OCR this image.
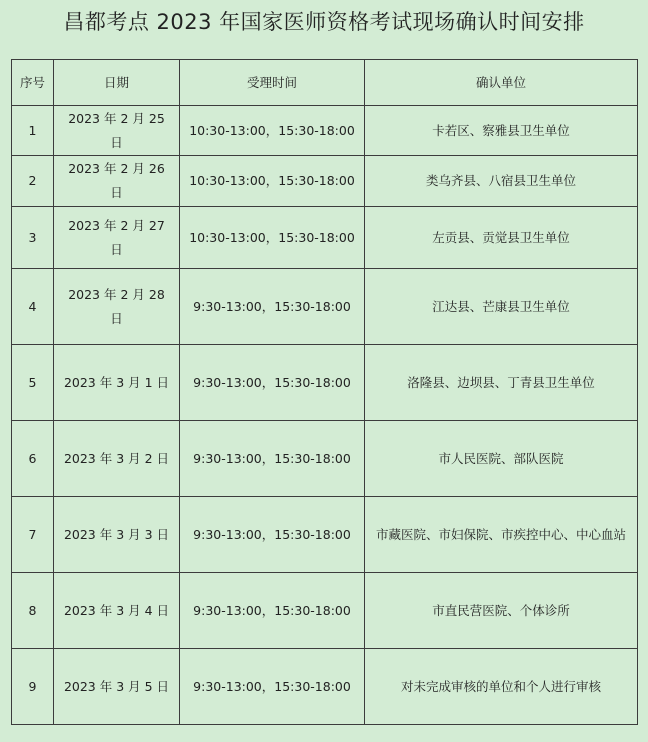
昌都考点 2023 年国家医师资格考试现场确认时间安排
序号	日期	受理时间	确认单位
1	2023 年 2 月 25 日	10:30-13:00，15:30-18:00	卡若区、察雅县卫生单位
2	2023 年 2 月 26 日	10:30-13:00，15:30-18:00	类乌齐县、八宿县卫生单位
3	2023 年 2 月 27 日	10:30-13:00，15:30-18:00	左贡县、贡觉县卫生单位
4	2023 年 2 月 28 日	9:30-13:00，15:30-18:00	江达县、芒康县卫生单位
5	2023 年 3 月 1 日	9:30-13:00，15:30-18:00	洛隆县、边坝县、丁青县卫生单位
6	2023 年 3 月 2 日	9:30-13:00，15:30-18:00	市人民医院、部队医院
7	2023 年 3 月 3 日	9:30-13:00，15:30-18:00	市藏医院、市妇保院、市疾控中心、中心血站
8	2023 年 3 月 4 日	9:30-13:00，15:30-18:00	市直民营医院、个体诊所
9	2023 年 3 月 5 日	9:30-13:00，15:30-18:00	对未完成审核的单位和个人进行审核
